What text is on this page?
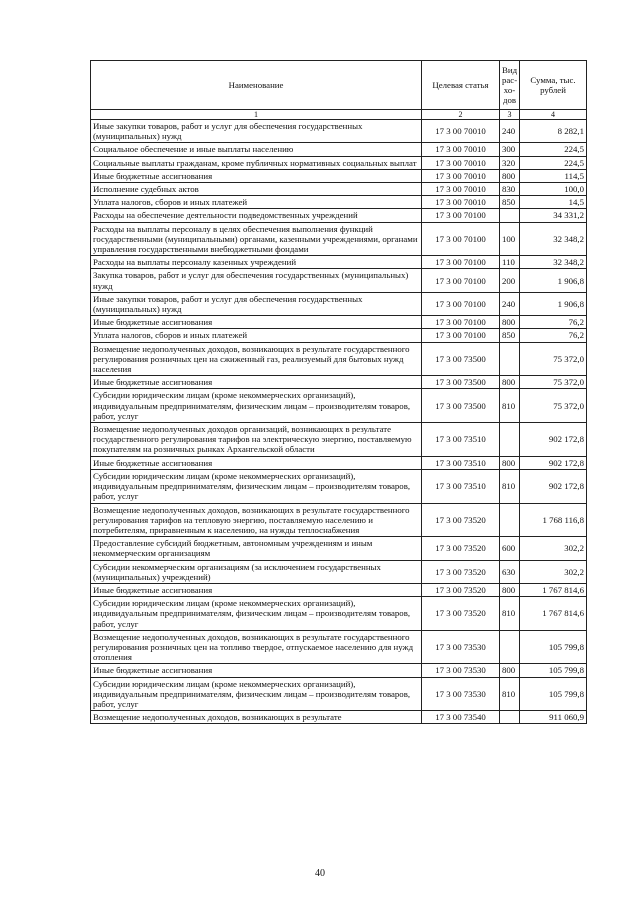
Наименование	Целевая статья	Вид рас-хо-дов	Сумма, тыс. рублей
1	2	3	4
Иные закупки товаров, работ и услуг для обеспечения государственных (муниципальных) нужд	17 3 00 70010	240	8 282,1
Социальное обеспечение и иные выплаты населению	17 3 00 70010	300	224,5
Социальные выплаты гражданам, кроме публичных нормативных социальных выплат	17 3 00 70010	320	224,5
Иные бюджетные ассигнования	17 3 00 70010	800	114,5
Исполнение судебных актов	17 3 00 70010	830	100,0
Уплата налогов, сборов и иных платежей	17 3 00 70010	850	14,5
Расходы на обеспечение деятельности подведомственных учреждений	17 3 00 70100		34 331,2
Расходы на выплаты персоналу в целях обеспечения выполнения функций государственными (муниципальными) органами, казенными учреждениями, органами управления государственными внебюджетными фондами	17 3 00 70100	100	32 348,2
Расходы на выплаты персоналу казенных учреждений	17 3 00 70100	110	32 348,2
Закупка товаров, работ и услуг для обеспечения государственных (муниципальных) нужд	17 3 00 70100	200	1 906,8
Иные закупки товаров, работ и услуг для обеспечения государственных (муниципальных) нужд	17 3 00 70100	240	1 906,8
Иные бюджетные ассигнования	17 3 00 70100	800	76,2
Уплата налогов, сборов и иных платежей	17 3 00 70100	850	76,2
Возмещение недополученных доходов, возникающих в результате государственного регулирования розничных цен на сжиженный газ, реализуемый для бытовых нужд населения	17 3 00 73500		75 372,0
Иные бюджетные ассигнования	17 3 00 73500	800	75 372,0
Субсидии юридическим лицам (кроме некоммерческих организаций), индивидуальным предпринимателям, физическим лицам – производителям товаров, работ, услуг	17 3 00 73500	810	75 372,0
Возмещение недополученных доходов организаций, возникающих в результате государственного регулирования тарифов на электрическую энергию, поставляемую покупателям на розничных рынках Архангельской области	17 3 00 73510		902 172,8
Иные бюджетные ассигнования	17 3 00 73510	800	902 172,8
Субсидии юридическим лицам (кроме некоммерческих организаций), индивидуальным предпринимателям, физическим лицам – производителям товаров, работ, услуг	17 3 00 73510	810	902 172,8
Возмещение недополученных доходов, возникающих в результате государственного регулирования тарифов на тепловую энергию, поставляемую населению и потребителям, приравненным к населению, на нужды теплоснабжения	17 3 00 73520		1 768 116,8
Предоставление субсидий бюджетным, автономным учреждениям и иным некоммерческим организациям	17 3 00 73520	600	302,2
Субсидии некоммерческим организациям (за исключением государственных (муниципальных) учреждений)	17 3 00 73520	630	302,2
Иные бюджетные ассигнования	17 3 00 73520	800	1 767 814,6
Субсидии юридическим лицам (кроме некоммерческих организаций), индивидуальным предпринимателям, физическим лицам – производителям товаров, работ, услуг	17 3 00 73520	810	1 767 814,6
Возмещение недополученных доходов, возникающих в результате государственного регулирования розничных цен на топливо твердое, отпускаемое населению для нужд отопления	17 3 00 73530		105 799,8
Иные бюджетные ассигнования	17 3 00 73530	800	105 799,8
Субсидии юридическим лицам (кроме некоммерческих организаций), индивидуальным предпринимателям, физическим лицам – производителям товаров, работ, услуг	17 3 00 73530	810	105 799,8
Возмещение недополученных доходов, возникающих в результате	17 3 00 73540		911 060,9
40
